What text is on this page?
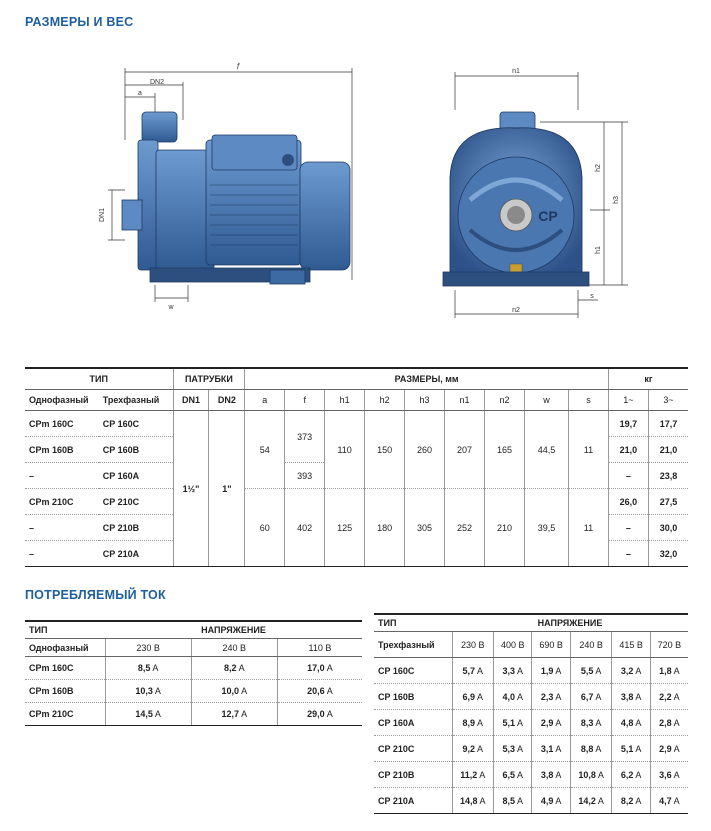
РАЗМЕРЫ И ВЕС
f
DN2
a
DN1
w
n1
n2
h2
h3
h1
s
CP
ТИП		ПАТРУБКИ		РАЗМЕРЫ, мм									кг	
Однофазный	Трехфазный	DN1	DN2	a	f	h1	h2	h3	n1	n2	w	s	1~	3~
CPm 160C	CP 160C	1½"	1"	54	373	110	150	260	207	165	44,5	11	19,7	17,7
CPm 160B	CP 160B												21,0	21,0
–	CP 160A				393								–	23,8
CPm 210C	CP 210C			60	402	125	180	305	252	210	39,5	11	26,0	27,5
–	CP 210B												–	30,0
–	CP 210A												–	32,0
ПОТРЕБЛЯЕМЫЙ ТОК
ТИП	НАПРЯЖЕНИЕ		
Однофазный	230 В	240 В	110 В
CPm 160C	8,5 A	8,2 A	17,0 A
CPm 160B	10,3 A	10,0 A	20,6 A
CPm 210C	14,5 A	12,7 A	29,0 A
ТИП	НАПРЯЖЕНИЕ					
Трехфазный	230 В	400 В	690 В	240 В	415 В	720 В
CP 160C	5,7 A	3,3 A	1,9 A	5,5 A	3,2 A	1,8 A
CP 160B	6,9 A	4,0 A	2,3 A	6,7 A	3,8 A	2,2 A
CP 160A	8,9 A	5,1 A	2,9 A	8,3 A	4,8 A	2,8 A
CP 210C	9,2 A	5,3 A	3,1 A	8,8 A	5,1 A	2,9 A
CP 210B	11,2 A	6,5 A	3,8 A	10,8 A	6,2 A	3,6 A
CP 210A	14,8 A	8,5 A	4,9 A	14,2 A	8,2 A	4,7 A
